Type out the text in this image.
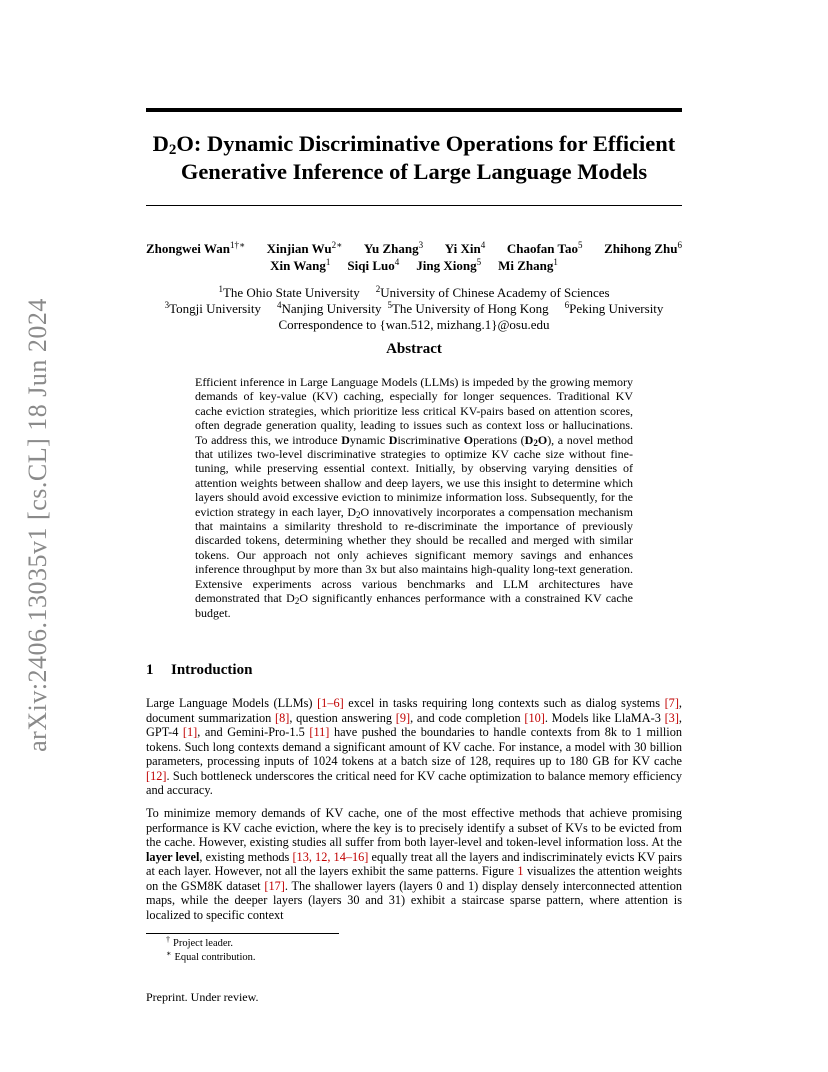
arXiv:2406.13035v1 [cs.CL] 18 Jun 2024
$D_2O$: Dynamic Discriminative Operations for Efficient
Generative Inference of Large Language Models
Zhongwei Wan$^{1\dagger∗}$ Xinjian $Wu^{2∗}$ Yu Zhang$^3$ Yi Xin$^4$ Chaofan Tao$^5$ Zhihong Zhu$^6$
Xin Wang$^1$ Siqi Luo$^4$ Jing Xiong$^5$ Mi Zhang$^1$
$^1$The Ohio State University $^2$University of Chinese Academy of Sciences
$^3$Tongji University $^4$Nanjing University $^5$The University of Hong Kong $^6$Peking University
Correspondence to {wan.512, mizhang.1}@osu.edu
Abstract
Efficient inference in Large Language Models (LLMs) is impeded by the growing memory demands of key-value (KV) caching, especially for longer sequences. Traditional KV cache eviction strategies, which prioritize less critical KV-pairs based on attention scores, often degrade generation quality, leading to issues such as context loss or hallucinations. To address this, we introduce Dynamic Discriminative Operations $(D_2O)$, a novel method that utilizes two-level discriminative strategies to optimize KV cache size without fine-tuning, while preserving essential context. Initially, by observing varying densities of attention weights between shallow and deep layers, we use this insight to determine which layers should avoid excessive eviction to minimize information loss. Subsequently, for the eviction strategy in each layer, $D_2O$ innovatively incorporates a compensation mechanism that maintains a similarity threshold to re-discriminate the importance of previously discarded tokens, determining whether they should be recalled and merged with similar tokens. Our approach not only achieves significant memory savings and enhances inference throughput by more than 3x but also maintains high-quality long-text generation. Extensive experiments across various benchmarks and LLM architectures have demonstrated that $D_2O$ significantly enhances performance with a constrained KV cache budget.
1 Introduction
Large Language Models (LLMs) [1–6] excel in tasks requiring long contexts such as dialog systems [7], document summarization [8], question answering [9], and code completion [10]. Models like LlaMA-3 [3], GPT-4 [1], and Gemini-Pro-1.5 [11] have pushed the boundaries to handle contexts from 8k to 1 million tokens. Such long contexts demand a significant amount of KV cache. For instance, a model with 30 billion parameters, processing inputs of 1024 tokens at a batch size of 128, requires up to 180 GB for KV cache [12]. Such bottleneck underscores the critical need for KV cache optimization to balance memory efficiency and accuracy.
To minimize memory demands of KV cache, one of the most effective methods that achieve promising performance is KV cache eviction, where the key is to precisely identify a subset of KVs to be evicted from the cache. However, existing studies all suffer from both layer-level and token-level information loss. At the layer level, existing methods [13, 12, 14–16] equally treat all the layers and indiscriminately evicts KV pairs at each layer. However, not all the layers exhibit the same patterns. Figure 1 visualizes the attention weights on the GSM8K dataset [17]. The shallower layers (layers 0 and 1) display densely interconnected attention maps, while the deeper layers (layers 30 and 31) exhibit a staircase sparse pattern, where attention is localized to specific context
† Project leader.
∗ Equal contribution.
Preprint. Under review.
